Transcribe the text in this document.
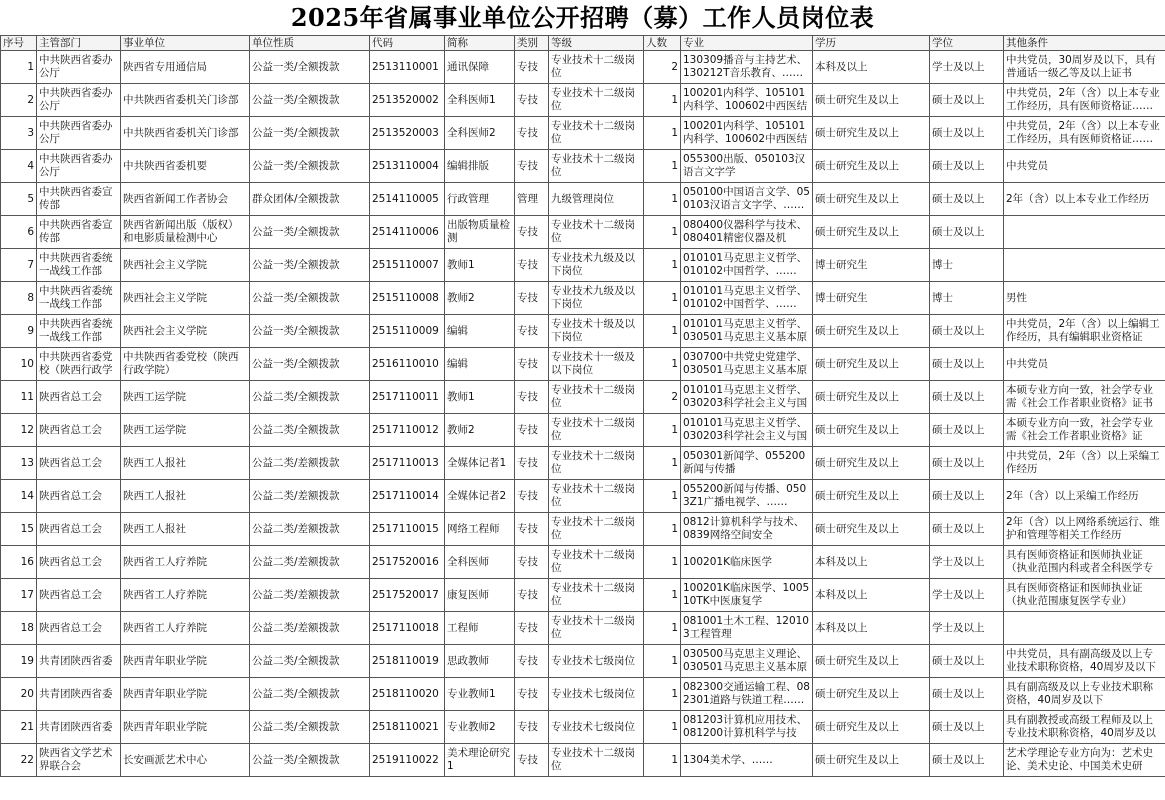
2025年省属事业单位公开招聘（募）工作人员岗位表
序号	主管部门	事业单位	单位性质	代码	简称	类别	等级	人数	专业	学历	学位	其他条件

1	中共陕西省委办公厅	陕西省专用通信局	公益一类/全额拨款	2513110001	通讯保障	专技	专业技术十二级岗位	2	130309播音与主持艺术、130212T音乐教育、……	本科及以上	学士及以上	中共党员，30周岁及以下，具有普通话一级乙等及以上证书

2	中共陕西省委办公厅	中共陕西省委机关门诊部	公益一类/全额拨款	2513520002	全科医师1	专技	专业技术十二级岗位	1	100201内科学、105101内科学、100602中西医结	硕士研究生及以上	硕士及以上	中共党员，2年（含）以上本专业工作经历，具有医师资格证……

3	中共陕西省委办公厅	中共陕西省委机关门诊部	公益一类/全额拨款	2513520003	全科医师2	专技	专业技术十二级岗位	1	100201内科学、105101内科学、100602中西医结	硕士研究生及以上	硕士及以上	中共党员，2年（含）以上本专业工作经历，具有医师资格证……

4	中共陕西省委办公厅	中共陕西省委机要	公益一类/全额拨款	2513110004	编辑排版	专技	专业技术十二级岗位	1	055300出版、050103汉语言文字学	硕士研究生及以上	硕士及以上	中共党员

5	中共陕西省委宣传部	陕西省新闻工作者协会	群众团体/全额拨款	2514110005	行政管理	管理	九级管理岗位	1	050100中国语言文学、050103汉语言文字学、……	硕士研究生及以上	硕士及以上	2年（含）以上本专业工作经历

6	中共陕西省委宣传部	陕西省新闻出版（版权）和电影质量检测中心	公益一类/全额拨款	2514110006	出版物质量检测	专技	专业技术十二级岗位	1	080400仪器科学与技术、080401精密仪器及机	硕士研究生及以上	硕士及以上	

7	中共陕西省委统一战线工作部	陕西社会主义学院	公益一类/全额拨款	2515110007	教师1	专技	专业技术九级及以下岗位	1	010101马克思主义哲学、010102中国哲学、……	博士研究生	博士	

8	中共陕西省委统一战线工作部	陕西社会主义学院	公益一类/全额拨款	2515110008	教师2	专技	专业技术九级及以下岗位	1	010101马克思主义哲学、010102中国哲学、……	博士研究生	博士	男性

9	中共陕西省委统一战线工作部	陕西社会主义学院	公益一类/全额拨款	2515110009	编辑	专技	专业技术十级及以下岗位	1	010101马克思主义哲学、030501马克思主义基本原	硕士研究生及以上	硕士及以上	中共党员，2年（含）以上编辑工作经历，具有编辑职业资格证

10	中共陕西省委党校（陕西行政学	中共陕西省委党校（陕西行政学院）	公益一类/全额拨款	2516110010	编辑	专技	专业技术十一级及以下岗位	1	030700中共党史党建学、030501马克思主义基本原	硕士研究生及以上	硕士及以上	中共党员

11	陕西省总工会	陕西工运学院	公益二类/全额拨款	2517110011	教师1	专技	专业技术十二级岗位	2	010101马克思主义哲学、030203科学社会主义与国	硕士研究生及以上	硕士及以上	本硕专业方向一致，社会学专业需《社会工作者职业资格》证书

12	陕西省总工会	陕西工运学院	公益二类/全额拨款	2517110012	教师2	专技	专业技术十二级岗位	1	010101马克思主义哲学、030203科学社会主义与国	硕士研究生及以上	硕士及以上	本硕专业方向一致，社会学专业需《社会工作者职业资格》证

13	陕西省总工会	陕西工人报社	公益二类/差额拨款	2517110013	全媒体记者1	专技	专业技术十二级岗位	1	050301新闻学、055200新闻与传播	硕士研究生及以上	硕士及以上	中共党员，2年（含）以上采编工作经历

14	陕西省总工会	陕西工人报社	公益二类/差额拨款	2517110014	全媒体记者2	专技	专业技术十二级岗位	1	055200新闻与传播、0503Z1广播电视学、……	硕士研究生及以上	硕士及以上	2年（含）以上采编工作经历

15	陕西省总工会	陕西工人报社	公益二类/差额拨款	2517110015	网络工程师	专技	专业技术十二级岗位	1	0812计算机科学与技术、0839网络空间安全	硕士研究生及以上	硕士及以上	2年（含）以上网络系统运行、维护和管理等相关工作经历

16	陕西省总工会	陕西省工人疗养院	公益二类/差额拨款	2517520016	全科医师	专技	专业技术十二级岗位	1	100201K临床医学	本科及以上	学士及以上	具有医师资格证和医师执业证（执业范围内科或者全科医学专

17	陕西省总工会	陕西省工人疗养院	公益二类/差额拨款	2517520017	康复医师	专技	专业技术十二级岗位	1	100201K临床医学、100510TK中医康复学	本科及以上	学士及以上	具有医师资格证和医师执业证（执业范围康复医学专业）

18	陕西省总工会	陕西省工人疗养院	公益二类/差额拨款	2517110018	工程师	专技	专业技术十二级岗位	1	081001土木工程、120103工程管理	本科及以上	学士及以上	

19	共青团陕西省委	陕西青年职业学院	公益二类/全额拨款	2518110019	思政教师	专技	专业技术七级岗位	1	030500马克思主义理论、030501马克思主义基本原	硕士研究生及以上	硕士及以上	中共党员，具有副高级及以上专业技术职称资格，40周岁及以下

20	共青团陕西省委	陕西青年职业学院	公益二类/全额拨款	2518110020	专业教师1	专技	专业技术七级岗位	1	082300交通运输工程、082301道路与铁道工程……	硕士研究生及以上	硕士及以上	具有副高级及以上专业技术职称资格，40周岁及以下

21	共青团陕西省委	陕西青年职业学院	公益二类/全额拨款	2518110021	专业教师2	专技	专业技术七级岗位	1	081203计算机应用技术、081200计算机科学与技	硕士研究生及以上	硕士及以上	具有副教授或高级工程师及以上专业技术职称资格，40周岁及以

22	陕西省文学艺术界联合会	长安画派艺术中心	公益一类/全额拨款	2519110022	美术理论研究1	专技	专业技术十二级岗位	1	1304美术学、……	硕士研究生及以上	硕士及以上	艺术学理论专业方向为：艺术史论、美术史论、中国美术史研
